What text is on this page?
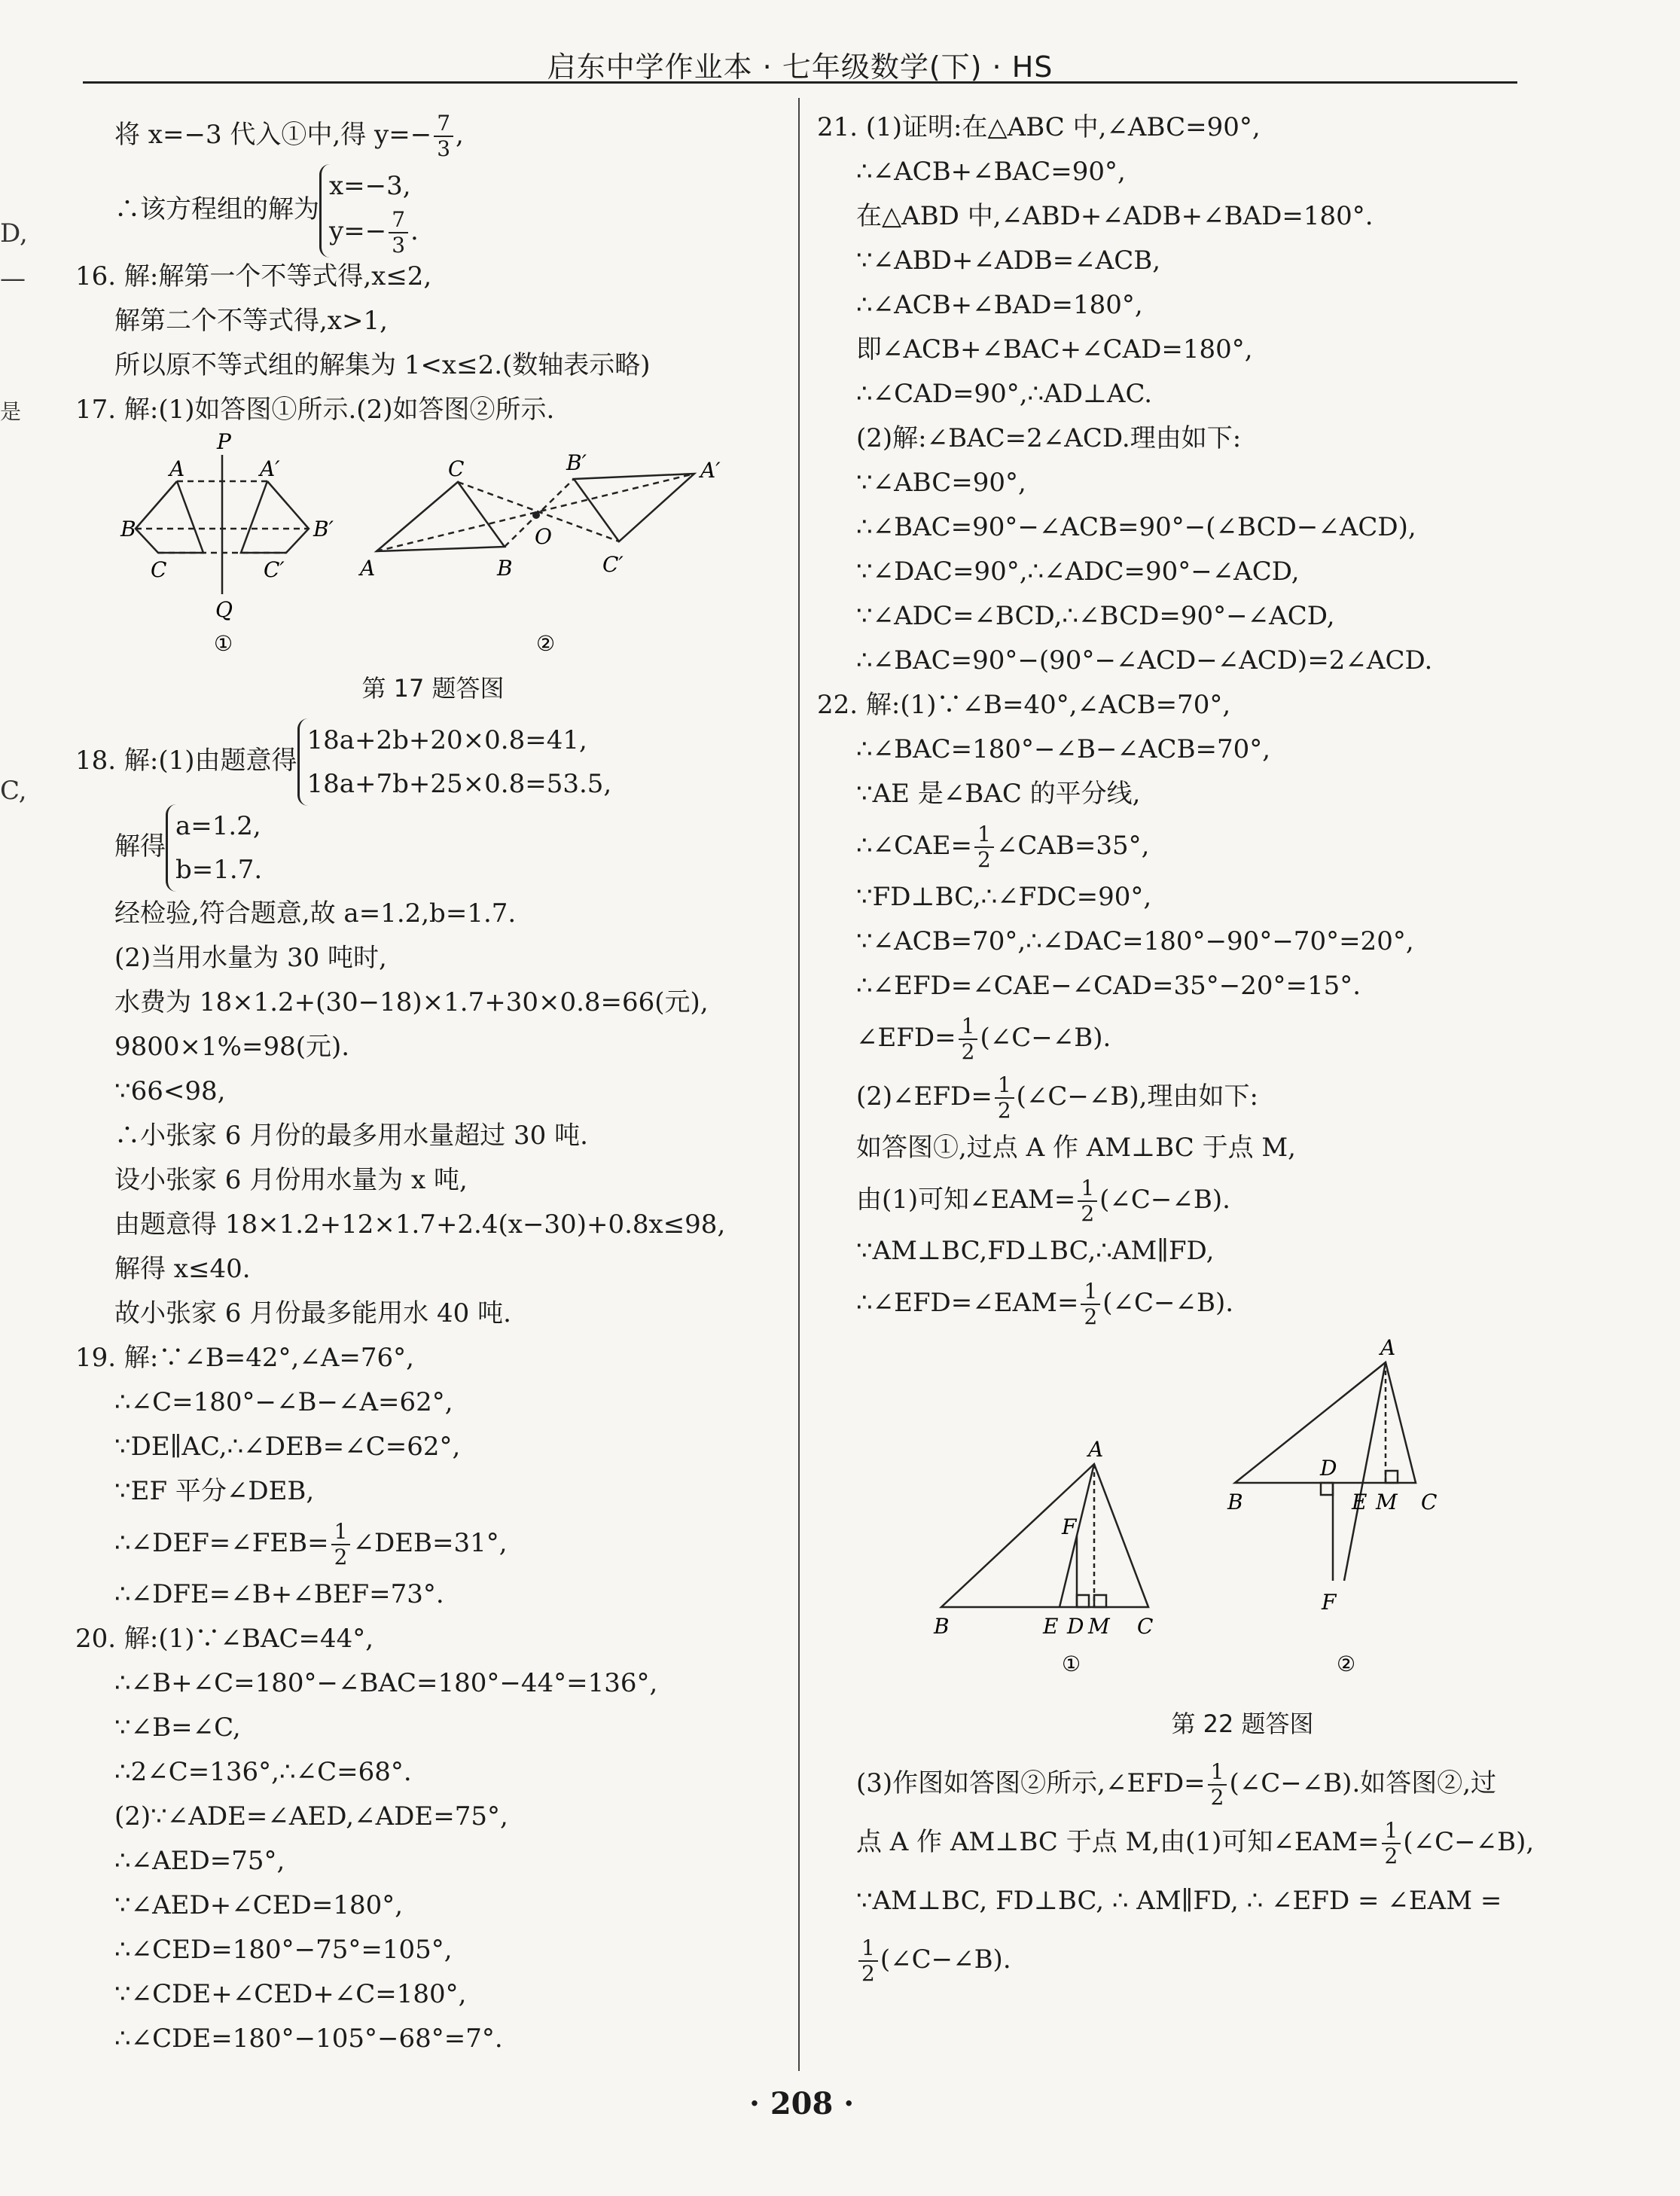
启东中学作业本 · 七年级数学(下) · HS
D,
—
是
C,
将 x=−3 代入①中,得 $y=- \frac{7}{3}$ ,
∴该方程组的解为
x=−3,
$y=- \frac{7}{3}$ .
16. 解:解第一个不等式得,x≤2,
解第二个不等式得,x>1,
所以原不等式组的解集为 1<x≤2.(数轴表示略)
17. 解:(1)如答图①所示.(2)如答图②所示.
P
A	A′
B	B′
C	C′
Q
①
A	B
C
O
A′
B′
C′
②
第 17 题答图
18. 解:(1)由题意得
18a+2b+20×0.8=41,
18a+7b+25×0.8=53.5,
解得
a=1.2,
b=1.7.
经检验,符合题意,故 a=1.2,b=1.7.
(2)当用水量为 30 吨时,
水费为 18×1.2+(30−18)×1.7+30×0.8=66(元),
9800×1%=98(元).
∵66<98,
∴小张家 6 月份的最多用水量超过 30 吨.
设小张家 6 月份用水量为 x 吨,
由题意得 18×1.2+12×1.7+2.4(x−30)+0.8x≤98,
解得 x≤40.
故小张家 6 月份最多能用水 40 吨.
19. 解:∵∠B=42°,∠A=76°,
∴∠C=180°−∠B−∠A=62°,
∵DE∥AC,∴∠DEB=∠C=62°,
∵EF 平分∠DEB,
∴∠DEF=∠FEB= $\frac{1}{2}$ ∠DEB=31°,
∴∠DFE=∠B+∠BEF=73°.
20. 解:(1)∵∠BAC=44°,
∴∠B+∠C=180°−∠BAC=180°−44°=136°,
∵∠B=∠C,
∴2∠C=136°,∴∠C=68°.
(2)∵∠ADE=∠AED,∠ADE=75°,
∴∠AED=75°,
∵∠AED+∠CED=180°,
∴∠CED=180°−75°=105°,
∵∠CDE+∠CED+∠C=180°,
∴∠CDE=180°−105°−68°=7°.
21. (1)证明:在△ABC 中,∠ABC=90°,
∴∠ACB+∠BAC=90°,
在△ABD 中,∠ABD+∠ADB+∠BAD=180°.
∵∠ABD+∠ADB=∠ACB,
∴∠ACB+∠BAD=180°,
即∠ACB+∠BAC+∠CAD=180°,
∴∠CAD=90°,∴AD⊥AC.
(2)解:∠BAC=2∠ACD.理由如下:
∵∠ABC=90°,
∴∠BAC=90°−∠ACB=90°−(∠BCD−∠ACD),
∵∠DAC=90°,∴∠ADC=90°−∠ACD,
∵∠ADC=∠BCD,∴∠BCD=90°−∠ACD,
∴∠BAC=90°−(90°−∠ACD−∠ACD)=2∠ACD.
22. 解:(1)∵∠B=40°,∠ACB=70°,
∴∠BAC=180°−∠B−∠ACB=70°,
∵AE 是∠BAC 的平分线,
∴∠CAE= $\frac{1}{2}$ ∠CAB=35°,
∵FD⊥BC,∴∠FDC=90°,
∵∠ACB=70°,∴∠DAC=180°−90°−70°=20°,
∴∠EFD=∠CAE−∠CAD=35°−20°=15°.
∠EFD= $\frac{1}{2}$ (∠C−∠B).
(2)∠EFD= $\frac{1}{2}$ (∠C−∠B),理由如下:
如答图①,过点 A 作 AM⊥BC 于点 M,
由(1)可知∠EAM= $\frac{1}{2}$ (∠C−∠B).
∵AM⊥BC,FD⊥BC,∴AM∥FD,
∴∠EFD=∠EAM= $\frac{1}{2}$ (∠C−∠B).
A
F
B	E D M C
①
A
B
D
E M C
F
②
第 22 题答图
(3)作图如答图②所示,∠EFD= $\frac{1}{2}$ (∠C−∠B).如答图②,过
点 A 作 AM⊥BC 于点 M,由(1)可知∠EAM= $\frac{1}{2}$ (∠C−∠B),
∵AM⊥BC, FD⊥BC, ∴ AM∥FD, ∴ ∠EFD = ∠EAM =
$\frac{1}{2}$ (∠C−∠B).
· 208 ·
